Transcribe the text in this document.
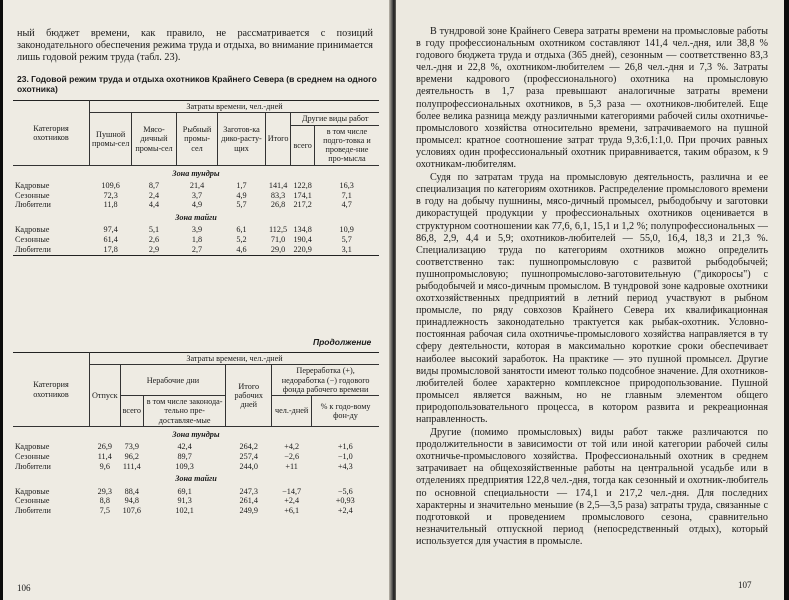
ный бюджет времени, как правило, не рассматривается с позиций законодательного обеспечения режима труда и отдыха, во внимание принимается лишь годовой режим труда (табл. 23).

23. Годовой режим труда и отдыха охотников Крайнего Севера (в среднем на одного охотника)
Категория охотников	Затраты времени, чел.-дней						
	Пушной промы-сел	Мясо-дичный промы-сел	Рыбный промы-сел	Заготов-ка дико-расту-щих	Итого	Другие виды работ	
						всего	в том числе подго-товка и проведе-ние про-мысла
Зона тундры							
Кадровые	109,6	8,7	21,4	1,7	141,4	122,8	16,3
Сезонные	72,3	2,4	3,7	4,9	83,3	174,1	7,1
Любители	11,8	4,4	4,9	5,7	26,8	217,2	4,7
Зона тайги							
Кадровые	97,4	5,1	3,9	6,1	112,5	134,8	10,9
Сезонные	61,4	2,6	1,8	5,2	71,0	190,4	5,7
Любители	17,8	2,9	2,7	4,6	29,0	220,9	3,1
Продолжение
Категория охотников	Затраты времени, чел.-дней					
	Отпуск	Нерабочие дни		Итого рабочих дней	Переработка (+), недоработка (−) годового фонда рабочего времени	
		всего	в том числе законода-тельно пре-доставляе-мые		чел.-дней	% к годо-вому фон-ду
Зона тундры						
Кадровые	26,9	73,9	42,4	264,2	+4,2	+1,6
Сезонные	11,4	96,2	89,7	257,4	−2,6	−1,0
Любители	9,6	111,4	109,3	244,0	+11	+4,3
Зона тайги						
Кадровые	29,3	88,4	69,1	247,3	−14,7	−5,6
Сезонные	8,8	94,8	91,3	261,4	+2,4	+0,93
Любители	7,5	107,6	102,1	249,9	+6,1	+2,4
106

В тундровой зоне Крайнего Севера затраты времени на промысловые работы в году профессиональным охотником составляют 141,4 чел.-дня, или 38,8 % годового бюджета труда и отдыха (365 дней), сезонным — соответственно 83,3 чел.-дня и 22,8 %, охотником-любителем — 26,8 чел.-дня и 7,3 %. Затраты времени кадрового (профессионального) охотника на промысловую деятельность в 1,7 раза превышают аналогичные затраты времени полупрофессиональных охотников, в 5,3 раза — охотников-любителей. Еще более велика разница между различными категориями рабочей силы охотничье-промыслового хозяйства относительно времени, затрачиваемого на пушной промысел: кратное соотношение затрат труда 9,3:6,1:1,0. При прочих равных условиях один профессиональный охотник приравнивается, таким образом, к 9 охотникам-любителям.

Судя по затратам труда на промысловую деятельность, различна и ее специализация по категориям охотников. Распределение промыслового времени в году на добычу пушнины, мясо-дичный промысел, рыбодобычу и заготовки дикорастущей продукции у профессиональных охотников оценивается в структурном соотношении как 77,6, 6,1, 15,1 и 1,2 %; полупрофессиональных — 86,8, 2,9, 4,4 и 5,9; охотников-любителей — 55,0, 16,4, 18,3 и 21,3 %. Специализацию труда по категориям охотников можно определить соответственно так: пушнопромысловую с развитой рыбодобычей; пушнопромысловую; пушнопромыслово-заготовительную ("дикоросы") с рыбодобычей и мясо-дичным промыслом. В тундровой зоне кадровые охотники охотхозяйственных предприятий в летний период участвуют в рыбном промысле, по ряду совхозов Крайнего Севера их квалификационная принадлежность законодательно трактуется как рыбак-охотник. Условно-постоянная рабочая сила охотничье-промыслового хозяйства направляется в ту сферу деятельности, которая в максимально короткие сроки обеспечивает наиболее высокий заработок. На практике — это пушной промысел. Другие виды промысловой занятости имеют только подсобное значение. Для охотников-любителей более характерно комплексное природопользование. Пушной промысел является важным, но не главным элементом общего природопользовательного процесса, в котором развита и рекреационная направленность.

Другие (помимо промысловых) виды работ также различаются по продолжительности в зависимости от той или иной категории рабочей силы охотничье-промыслового хозяйства. Профессиональный охотник в среднем затрачивает на общехозяйственные работы на центральной усадьбе или в отделениях предприятия 122,8 чел.-дня, тогда как сезонный и охотник-любитель по основной специальности — 174,1 и 217,2 чел.-дня. Для последних характерны и значительно меньшие (в 2,5—3,5 раза) затраты труда, связанные с подготовкой и проведением промыслового сезона, сравнительно незначительный отпускной период (непосредственный отдых), который используется для участия в промысле.

107
